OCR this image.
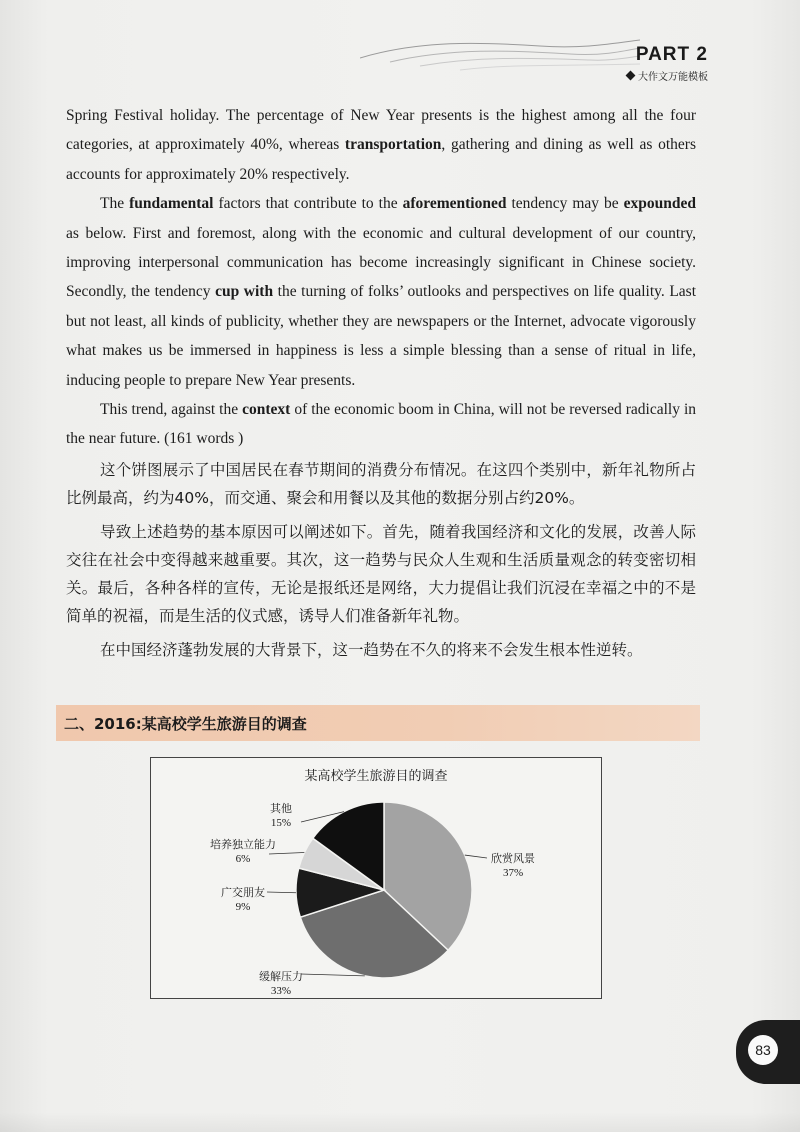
PART 2
大作文万能模板

Spring Festival holiday. The percentage of New Year presents is the highest among all the four categories, at approximately 40%, whereas transportation, gathering and dining as well as others accounts for approximately 20% respectively.

The fundamental factors that contribute to the aforementioned tendency may be expounded as below. First and foremost, along with the economic and cultural development of our country, improving interpersonal communication has become increasingly significant in Chinese society. Secondly, the tendency cup with the turning of folks’ outlooks and perspectives on life quality. Last but not least, all kinds of publicity, whether they are newspapers or the Internet, advocate vigorously what makes us be immersed in happiness is less a simple blessing than a sense of ritual in life, inducing people to prepare New Year presents.

This trend, against the context of the economic boom in China, will not be reversed radically in the near future. (161 words )

这个饼图展示了中国居民在春节期间的消费分布情况。在这四个类别中，新年礼物所占比例最高，约为40%，而交通、聚会和用餐以及其他的数据分别占约20%。

导致上述趋势的基本原因可以阐述如下。首先，随着我国经济和文化的发展，改善人际交往在社会中变得越来越重要。其次，这一趋势与民众人生观和生活质量观念的转变密切相关。最后，各种各样的宣传，无论是报纸还是网络，大力提倡让我们沉浸在幸福之中的不是简单的祝福，而是生活的仪式感，诱导人们准备新年礼物。

在中国经济蓬勃发展的大背景下，这一趋势在不久的将来不会发生根本性逆转。

二、2016:某高校学生旅游目的调查
某高校学生旅游目的调查
欣赏风景
37%
缓解压力
33%
广交朋友
9%
培养独立能力
6%
其他
15%
83
